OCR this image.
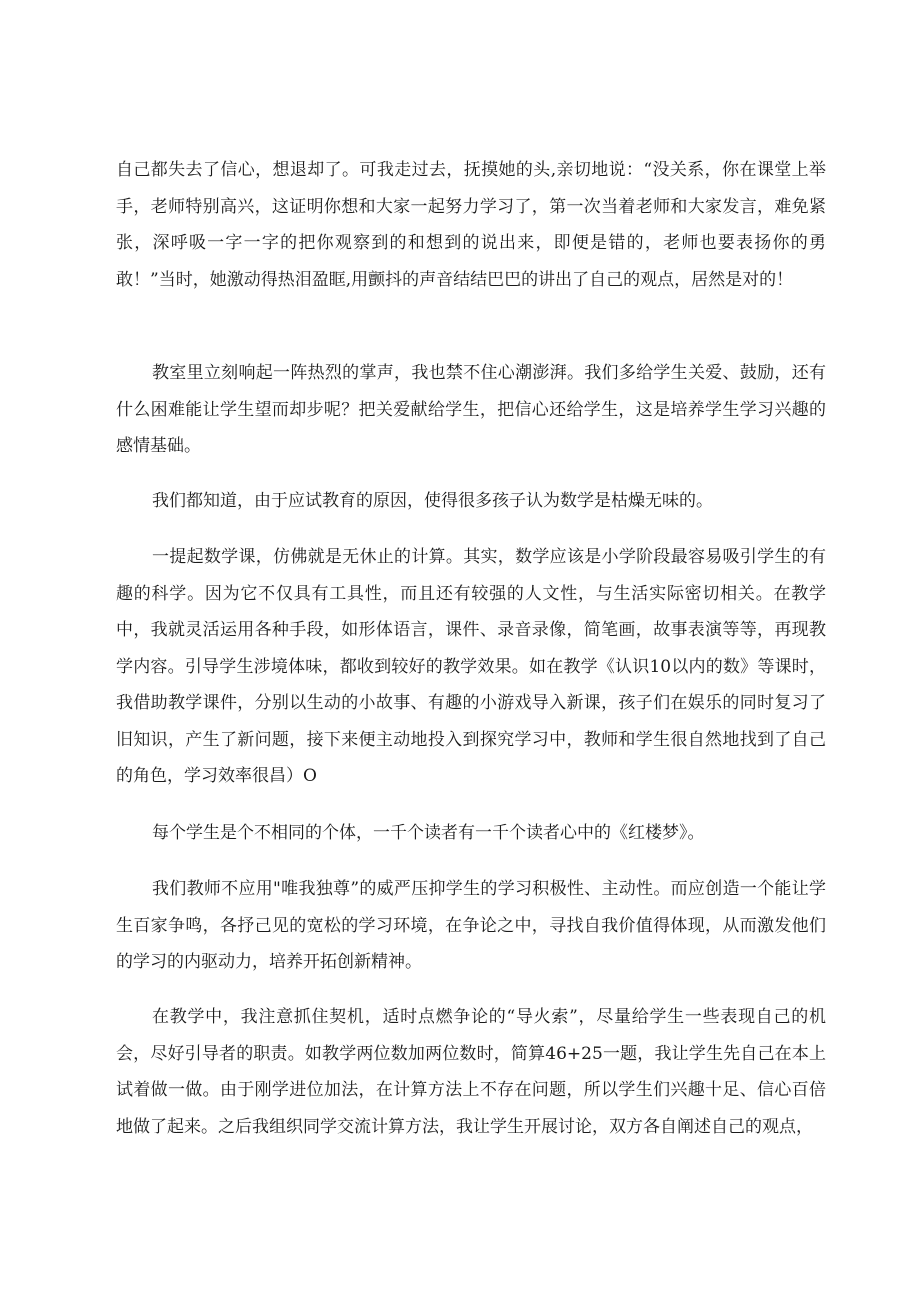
自己都失去了信心，想退却了。可我走过去，抚摸她的头,亲切地说：“没关系，你在课堂上举手，老师特别高兴，这证明你想和大家一起努力学习了，第一次当着老师和大家发言，难免紧张，深呼吸一字一字的把你观察到的和想到的说出来，即便是错的，老师也要表扬你的勇敢！”当时，她激动得热泪盈眶,用颤抖的声音结结巴巴的讲出了自己的观点，居然是对的！

教室里立刻响起一阵热烈的掌声，我也禁不住心潮澎湃。我们多给学生关爱、鼓励，还有什么困难能让学生望而却步呢？把关爱献给学生，把信心还给学生，这是培养学生学习兴趣的感情基础。

我们都知道，由于应试教育的原因，使得很多孩子认为数学是枯燥无味的。

一提起数学课，仿佛就是无休止的计算。其实，数学应该是小学阶段最容易吸引学生的有趣的科学。因为它不仅具有工具性，而且还有较强的人文性，与生活实际密切相关。在教学中，我就灵活运用各种手段，如形体语言，课件、录音录像，简笔画，故事表演等等，再现教学内容。引导学生涉境体味，都收到较好的教学效果。如在教学《认识10以内的数》等课时，我借助教学课件，分别以生动的小故事、有趣的小游戏导入新课，孩子们在娱乐的同时复习了旧知识，产生了新问题，接下来便主动地投入到探究学习中，教师和学生很自然地找到了自己的角色，学习效率很昌）O

每个学生是个不相同的个体，一千个读者有一千个读者心中的《红楼梦》。

我们教师不应用"唯我独尊”的威严压抑学生的学习积极性、主动性。而应创造一个能让学生百家争鸣，各抒己见的宽松的学习环境，在争论之中，寻找自我价值得体现，从而激发他们的学习的内驱动力，培养开拓创新精神。

在教学中，我注意抓住契机，适时点燃争论的“导火索”，尽量给学生一些表现自己的机会，尽好引导者的职责。如教学两位数加两位数时，简算46+25一题，我让学生先自己在本上试着做一做。由于刚学进位加法，在计算方法上不存在问题，所以学生们兴趣十足、信心百倍地做了起来。之后我组织同学交流计算方法，我让学生开展讨论，双方各自阐述自己的观点，
